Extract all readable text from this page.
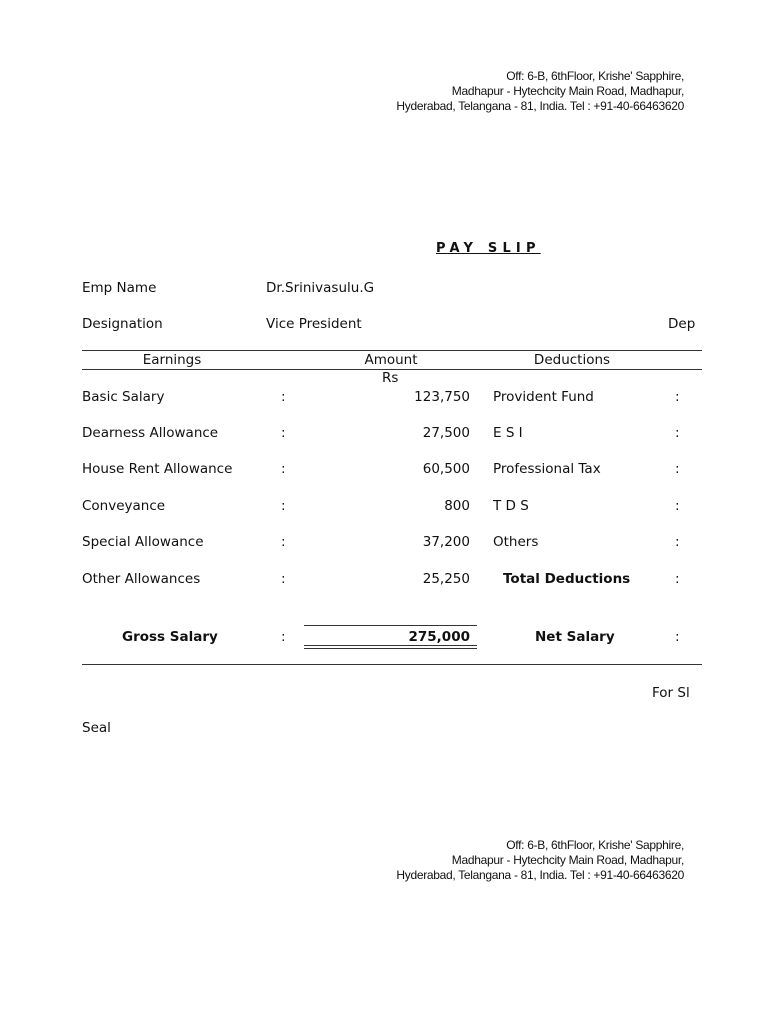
Off: 6-B, 6thFloor, Krishe' Sapphire,
Madhapur - Hytechcity Main Road, Madhapur,
Hyderabad, Telangana - 81, India. Tel : +91-40-66463620
PAY SLIP
Emp Name	Dr.Srinivasulu.G
Designation	Vice President	Dep
Earnings	Amount	Deductions
Rs
Basic Salary	:	123,750 Provident Fund	:
Dearness Allowance	:	27,500 E S I	:
House Rent Allowance	:	60,500 Professional Tax	:
Conveyance	:	800 T D S	:
Special Allowance	:	37,200 Others	:
Other Allowances	:	25,250 Total Deductions	:
Gross Salary	:	275,000	Net Salary	:
For Sl
Seal
Off: 6-B, 6thFloor, Krishe' Sapphire,
Madhapur - Hytechcity Main Road, Madhapur,
Hyderabad, Telangana - 81, India. Tel : +91-40-66463620
